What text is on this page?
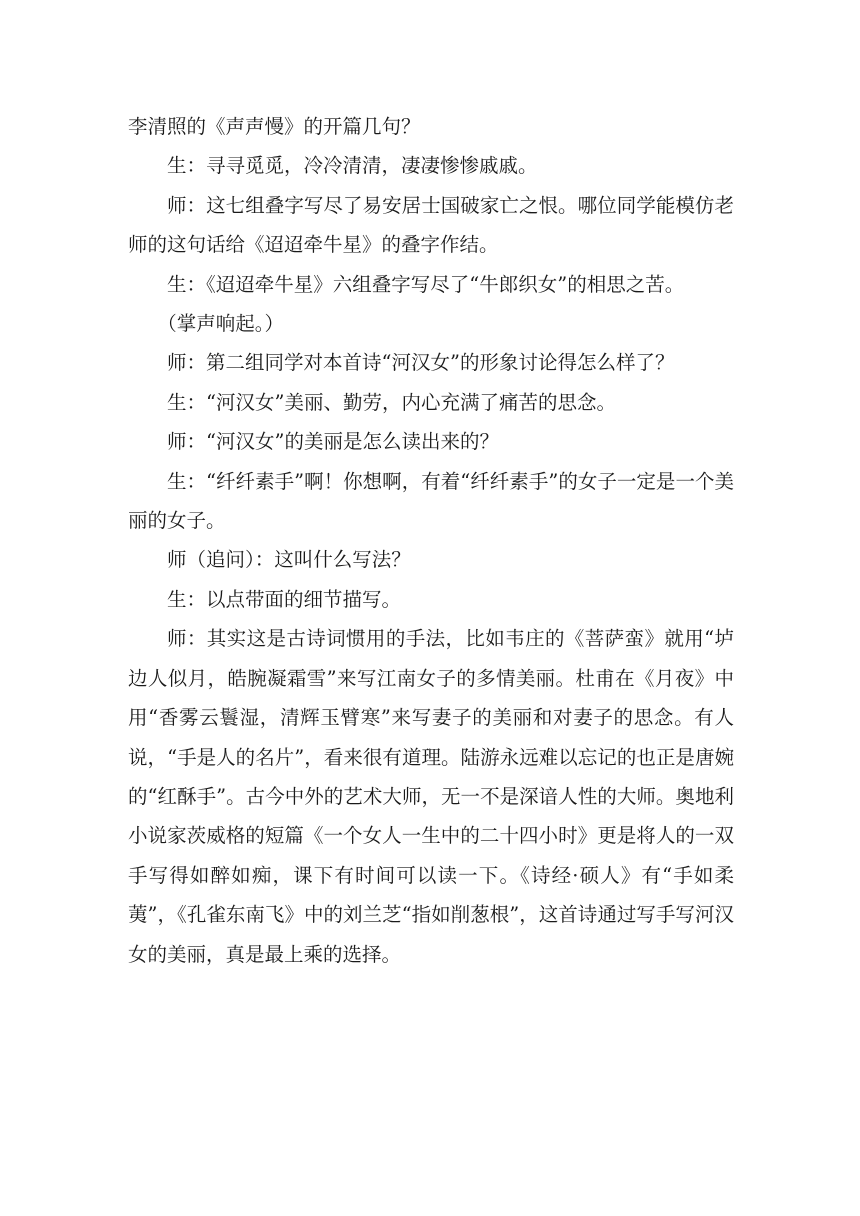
李清照的《声声慢》的开篇几句？

生：寻寻觅觅，冷冷清清，凄凄惨惨戚戚。

师：这七组叠字写尽了易安居士国破家亡之恨。哪位同学能模仿老师的这句话给《迢迢牵牛星》的叠字作结。

生：《迢迢牵牛星》六组叠字写尽了“牛郎织女”的相思之苦。

（掌声响起。）

师：第二组同学对本首诗“河汉女”的形象讨论得怎么样了？

生：“河汉女”美丽、勤劳，内心充满了痛苦的思念。

师：“河汉女”的美丽是怎么读出来的？

生：“纤纤素手”啊！你想啊，有着“纤纤素手”的女子一定是一个美丽的女子。

师（追问）：这叫什么写法？

生：以点带面的细节描写。

师：其实这是古诗词惯用的手法，比如韦庄的《菩萨蛮》就用“垆边人似月，皓腕凝霜雪”来写江南女子的多情美丽。杜甫在《月夜》中用“香雾云鬟湿，清辉玉臂寒”来写妻子的美丽和对妻子的思念。有人说，“手是人的名片”，看来很有道理。陆游永远难以忘记的也正是唐婉的“红酥手”。古今中外的艺术大师，无一不是深谙人性的大师。奥地利小说家茨威格的短篇《一个女人一生中的二十四小时》更是将人的一双手写得如醉如痴，课下有时间可以读一下。《诗经·硕人》有“手如柔荑”，《孔雀东南飞》中的刘兰芝“指如削葱根”，这首诗通过写手写河汉女的美丽，真是最上乘的选择。
